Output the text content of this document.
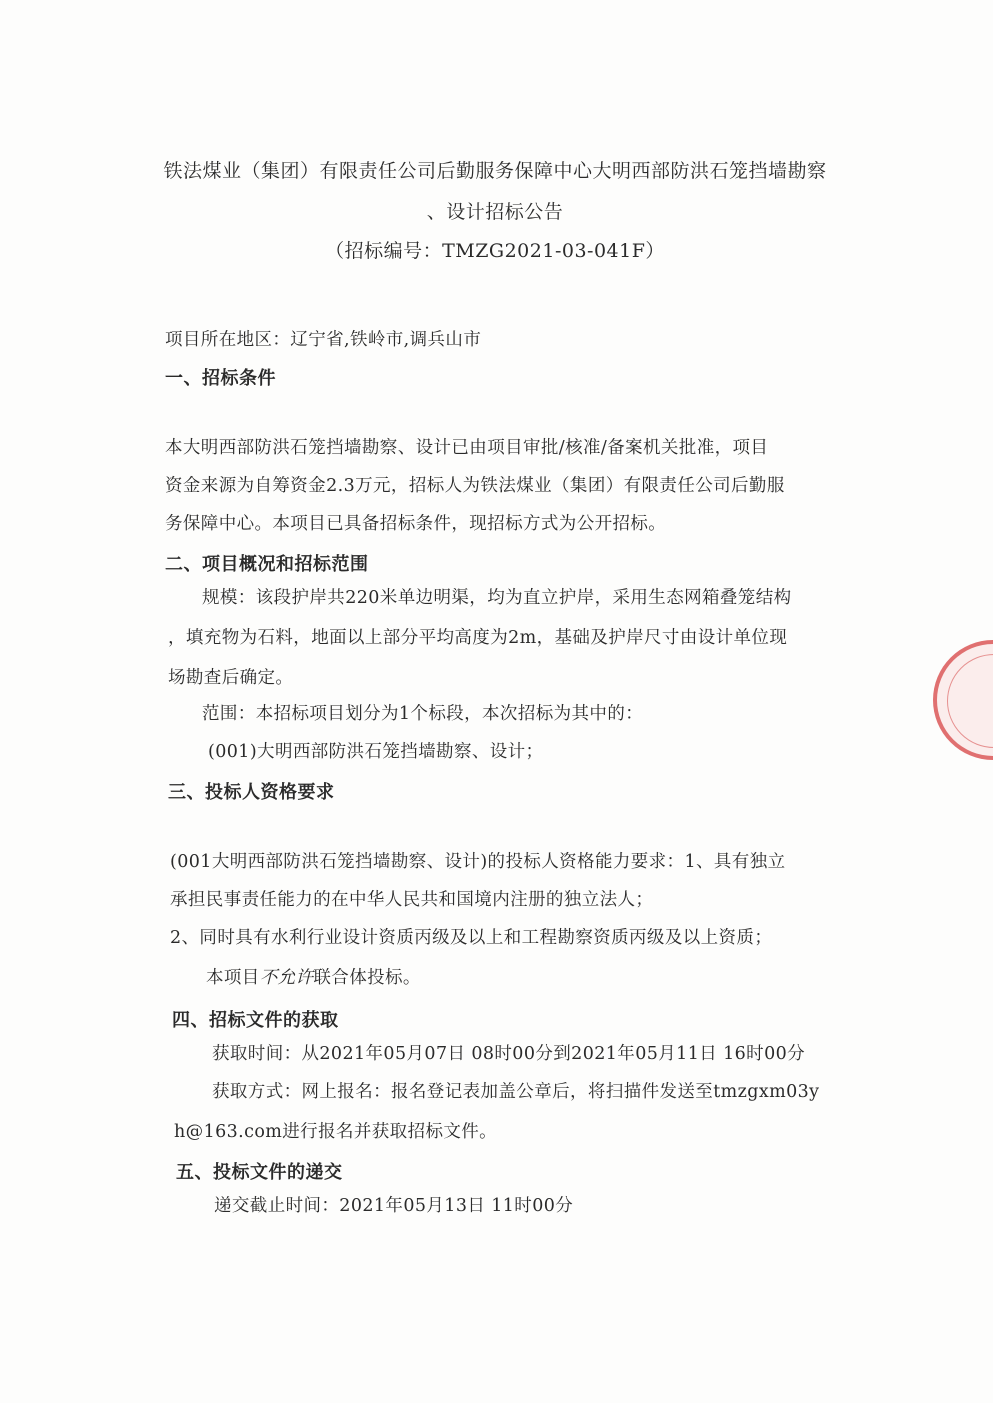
铁法煤业（集团）有限责任公司后勤服务保障中心大明西部防洪石笼挡墙勘察
、设计招标公告
（招标编号：TMZG2021-03-041F）
项目所在地区：辽宁省,铁岭市,调兵山市
一、招标条件
本大明西部防洪石笼挡墙勘察、设计已由项目审批/核准/备案机关批准，项目
资金来源为自筹资金2.3万元，招标人为铁法煤业（集团）有限责任公司后勤服
务保障中心。本项目已具备招标条件，现招标方式为公开招标。
二、项目概况和招标范围
规模：该段护岸共220米单边明渠，均为直立护岸，采用生态网箱叠笼结构
，填充物为石料，地面以上部分平均高度为2m，基础及护岸尺寸由设计单位现
场勘查后确定。
范围：本招标项目划分为1个标段，本次招标为其中的：
(001)大明西部防洪石笼挡墙勘察、设计；
三、投标人资格要求
(001大明西部防洪石笼挡墙勘察、设计)的投标人资格能力要求：1、具有独立
承担民事责任能力的在中华人民共和国境内注册的独立法人；
2、同时具有水利行业设计资质丙级及以上和工程勘察资质丙级及以上资质；
本项目不允许联合体投标。
四、招标文件的获取
获取时间：从2021年05月07日 08时00分到2021年05月11日 16时00分
获取方式：网上报名：报名登记表加盖公章后，将扫描件发送至tmzgxm03y
h@163.com进行报名并获取招标文件。
五、投标文件的递交
递交截止时间：2021年05月13日 11时00分
